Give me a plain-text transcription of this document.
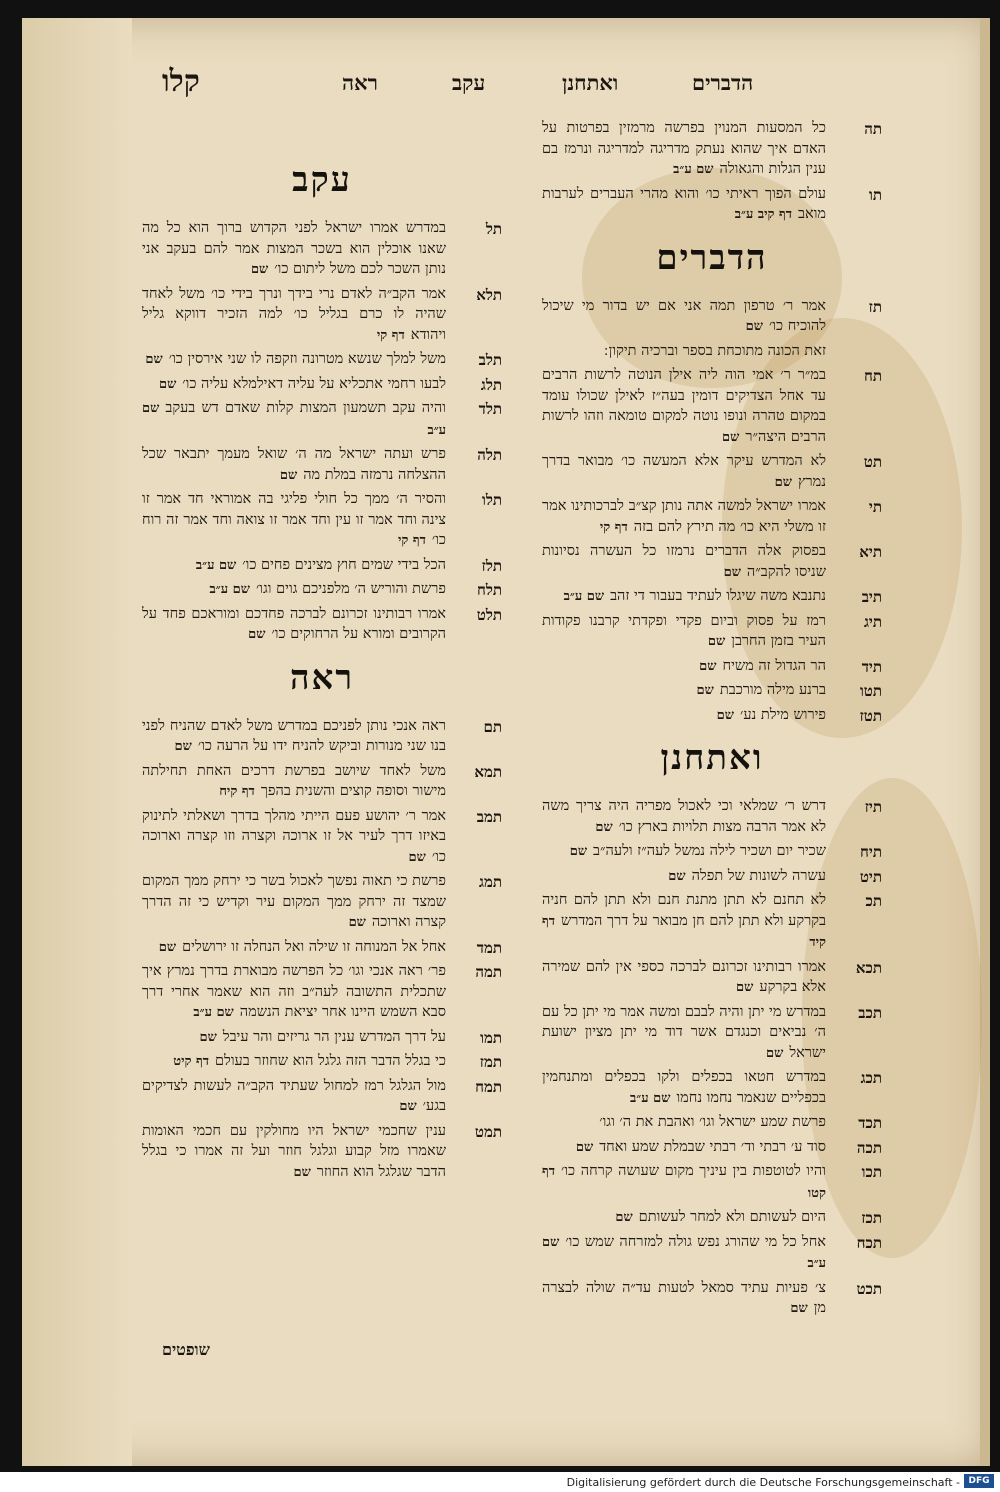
קלו	ראה	עקב	ואתחנן	הדברים
תה
כל המסעות המנוין בפרשה מרמזין בפרטות על האדם איך שהוא נעתק מדריגה למדריגה ונרמז בם ענין הגלות והגאולהשם ע״ב
תו
עולם הפוך ראיתי כו׳ והוא מהרי העברים לערבות מואבדף קיב ע״ב
הדברים
תז
אמר ר׳ טרפון תמה אני אם יש בדור מי שיכול להוכיח כו׳שם
זאת הכונה מתוכחת בספר וברכיה תיקון ׃
תח
במ״ר ר׳ אמי הוה ליה אילן הנוטה לרשות הרבים עד אחל הצדיקים דומין בעה״ז לאילן שכולו עומד במקום טהרה ונופו נוטה למקום טומאה וזהו לרשות הרבים היצה״רשם
תט
לא המדרש עיקר אלא המעשה כו׳ מבואר בדרך נמרץשם
תי
אמרו ישראל למשה אתה נותן קצ״ב לברכותינו אמר זו משלי היא כו׳ מה תירץ להם בזהדף קי
תיא
בפסוק אלה הדברים נרמזו כל העשרה נסיונות שניסו להקב״השם
תיב
נתנבא משה שיגלו לעתיד בעבור די זהבשם ע״ב
תיג
רמז על פסוק וביום פקדי ופקדתי קרבנו פקודות העיר בזמן החרבןשם
תיד
הר הגדול זה משיחשם
תטו
ברנע מילה מורכבתשם
תטז
פירוש מילת נע׳שם
ואתחנן
תיז
דרש ר׳ שמלאי וכי לאכול מפריה היה צריך משה לא אמר הרבה מצות תלויות בארץ כו׳שם
תיח
שכיר יום ושכיר לילה נמשל לעה״ז ולעה״בשם
תיט
עשרה לשונות של תפלהשם
תכ
לא תחנם לא תתן מתנת חנם ולא תתן להם חניה בקרקע ולא תתן להם חן מבואר על דרך המדרשדף קיד
תכא
אמרו רבותינו זכרונם לברכה כספי אין להם שמירה אלא בקרקעשם
תכב
במדרש מי יתן והיה לבבם ומשה אמר מי יתן כל עם ה׳ נביאים וכנגדם אשר דוד מי יתן מציון ישועת ישראלשם
תכג
במדרש חטאו בכפלים ולקו בכפלים ומתנחמין בכפליים שנאמר נחמו נחמושם ע״ב
תכד
פרשת שמע ישראל וגו׳ ואהבת את ה׳ וגו׳
תכה
סוד ע׳ רבתי וד׳ רבתי שבמלת שמע ואחדשם
תכו
והיו לטוטפות בין עיניך מקום שעושה קרחה כו׳דף קטו
תכז
היום לעשותם ולא למחר לעשותםשם
תכח
אחל כל מי שהורג נפש גולה למזרחה שמש כו׳שם ע״ב
תכט
צ׳ פעיות עתיד סמאל לטעות עד״ה שולה לבצרה מןשם
עקב
תל
במדרש אמרו ישראל לפני הקדוש ברוך הוא כל מה שאנו אוכלין הוא בשכר המצות אמר להם בעקב אני נותן השכר לכם משל ליתום כו׳שם
תלא
אמר הקב״ה לאדם נרי בידך ונרך בידי כו׳ משל לאחד שהיה לו כרם בגליל כו׳ למה הזכיר דווקא גליל ויהודאדף קי
תלב
משל למלך שנשא מטרונה וזקפה לו שני אירסין כו׳שם
תלג
לבעו רחמי אתכליא על עליה דאילמלא עליה כו׳שם
תלד
והיה עקב תשמעון המצות קלות שאדם דש בעקבשם ע״ב
תלה
פרש ועתה ישראל מה ה׳ שואל מעמך יתבאר שכל ההצלחה נרמזה במלת מהשם
תלו
והסיר ה׳ ממך כל חולי פליגי בה אמוראי חד אמר זו צינה וחד אמר זו עין וחד אמר זו צואה וחד אמר זה רוח כו׳דף קי
תלז
הכל בידי שמים חוץ מצינים פחים כו׳שם ע״ב
תלח
פרשת והוריש ה׳ מלפניכם גוים וגו׳שם ע״ב
תלט
אמרו רבותינו זכרונם לברכה פחדכם ומוראכם פחד על הקרובים ומורא על הרחוקים כו׳שם
ראה
תם
ראה אנכי נותן לפניכם במדרש משל לאדם שהניח לפני בנו שני מנורות וביקש להניח ידו על הרעה כו׳שם
תמא
משל לאחד שיושב בפרשת דרכים האחת תחילתה מישור וסופה קוצים והשנית בהפךדף קיח
תמב
אמר ר׳ יהושע פעם הייתי מהלך בדרך ושאלתי לתינוק באיזו דרך לעיר אל זו ארוכה וקצרה וזו קצרה וארוכה כו׳שם
תמג
פרשת כי תאוה נפשך לאכול בשר כי ירחק ממך המקום שמצד זה ירחק ממך המקום עיר וקדיש כי זה הדרך קצרה וארוכהשם
תמד
אחל אל המנוחה זו שילה ואל הנחלה זו ירושליםשם
תמה
פר׳ ראה אנכי וגו׳ כל הפרשה מבוארת בדרך נמרץ איך שתכלית התשובה לעה״ב וזה הוא שאמר אחרי דרך סבא השמש היינו אחר יציאת הנשמהשם ע״ב
תמו
על דרך המדרש ענין הר גריזים והר עיבלשם
תמז
כי בגלל הדבר הזה גלגל הוא שחוזר בעולםדף קיט
תמח
מול הגלגל רמז למחול שעתיד הקב״ה לעשות לצדיקים בגע׳שם
תמט
ענין שחכמי ישראל היו מחולקין עם חכמי האומות שאמרו מזל קבוע וגלגל חוזר ועל זה אמרו כי בגלל הדבר שגלגל הוא החוזרשם
שופטים
Digitalisierung gefördert durch die Deutsche Forschungsgemeinschaft - DFG
